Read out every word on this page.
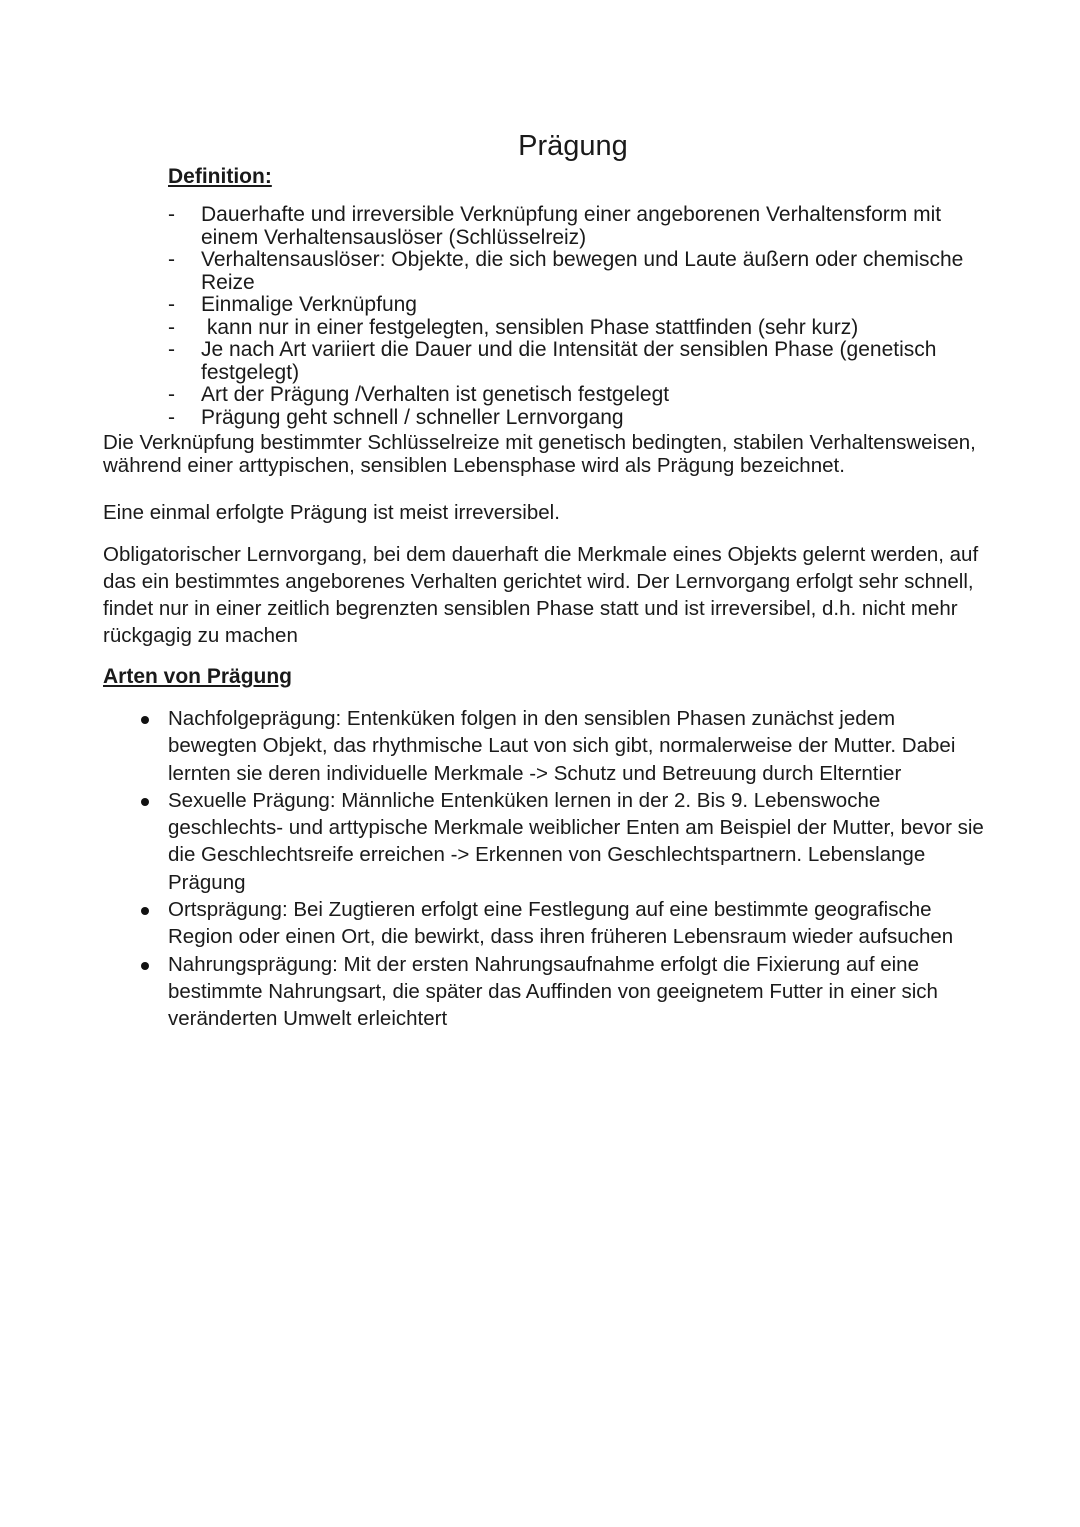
Prägung
Definition:
- Dauerhafte und irreversible Verknüpfung einer angeborenen Verhaltensform mit einem Verhaltensauslöser (Schlüsselreiz)
- Verhaltensauslöser: Objekte, die sich bewegen und Laute äußern oder chemische Reize
- Einmalige Verknüpfung
- kann nur in einer festgelegten, sensiblen Phase stattfinden (sehr kurz)
- Je nach Art variiert die Dauer und die Intensität der sensiblen Phase (genetisch festgelegt)
- Art der Prägung /Verhalten ist genetisch festgelegt
- Prägung geht schnell / schneller Lernvorgang

Die Verknüpfung bestimmter Schlüsselreize mit genetisch bedingten, stabilen Verhaltensweisen, während einer arttypischen, sensiblen Lebensphase wird als Prägung bezeichnet.

Eine einmal erfolgte Prägung ist meist irreversibel.

Obligatorischer Lernvorgang, bei dem dauerhaft die Merkmale eines Objekts gelernt werden, auf das ein bestimmtes angeborenes Verhalten gerichtet wird. Der Lernvorgang erfolgt sehr schnell, findet nur in einer zeitlich begrenzten sensiblen Phase statt und ist irreversibel, d.h. nicht mehr rückgagig zu machen

Arten von Prägung
Nachfolgeprägung: Entenküken folgen in den sensiblen Phasen zunächst jedem bewegten Objekt, das rhythmische Laut von sich gibt, normalerweise der Mutter. Dabei lernten sie deren individuelle Merkmale -> Schutz und Betreuung durch Elterntier
Sexuelle Prägung: Männliche Entenküken lernen in der 2. Bis 9. Lebenswoche geschlechts- und arttypische Merkmale weiblicher Enten am Beispiel der Mutter, bevor sie die Geschlechtsreife erreichen -> Erkennen von Geschlechtspartnern. Lebenslange Prägung
Ortsprägung: Bei Zugtieren erfolgt eine Festlegung auf eine bestimmte geografische Region oder einen Ort, die bewirkt, dass ihren früheren Lebensraum wieder aufsuchen
Nahrungsprägung: Mit der ersten Nahrungsaufnahme erfolgt die Fixierung auf eine bestimmte Nahrungsart, die später das Auffinden von geeignetem Futter in einer sich veränderten Umwelt erleichtert
